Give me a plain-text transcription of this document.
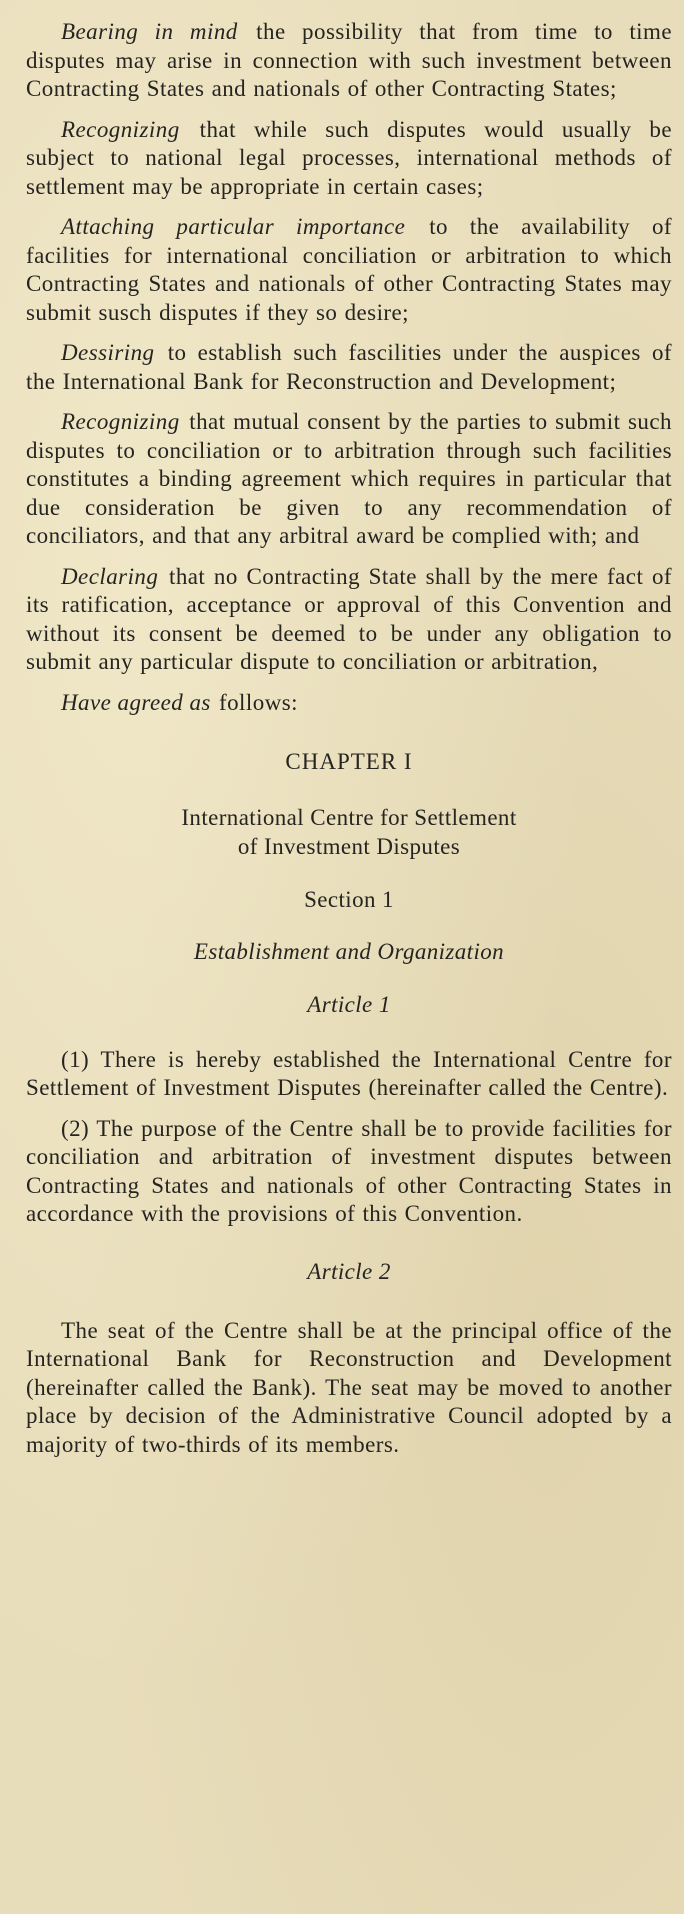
Bearing in mind the possibility that from time to time disputes may arise in connection with such investment between Contracting States and nationals of other Contracting States;

Recognizing that while such disputes would usually be subject to national legal processes, international methods of settlement may be appropriate in certain cases;

Attaching particular importance to the availability of facilities for international conciliation or arbitration to which Contracting States and nationals of other Contracting States may submit susch disputes if they so desire;

Dessiring to establish such fascilities under the auspices of the International Bank for Reconstruction and Development;

Recognizing that mutual consent by the parties to submit such disputes to conciliation or to arbitration through such facilities constitutes a binding agreement which requires in particular that due consideration be given to any recommendation of conciliators, and that any arbitral award be complied with; and

Declaring that no Contracting State shall by the mere fact of its ratification, acceptance or approval of this Convention and without its consent be deemed to be under any obligation to submit any particular dispute to conciliation or arbitration,

Have agreed as follows:

CHAPTER I

International Centre for Settlement
of Investment Disputes

Section 1

Establishment and Organization

Article 1

(1) There is hereby established the International Centre for Settlement of Investment Disputes (hereinafter called the Centre).

(2) The purpose of the Centre shall be to provide facilities for conciliation and arbitration of investment disputes between Contracting States and nationals of other Contracting States in accordance with the provisions of this Convention.

Article 2

The seat of the Centre shall be at the principal office of the International Bank for Reconstruction and Development (hereinafter called the Bank). The seat may be moved to another place by decision of the Administrative Council adopted by a majority of two-thirds of its members.
